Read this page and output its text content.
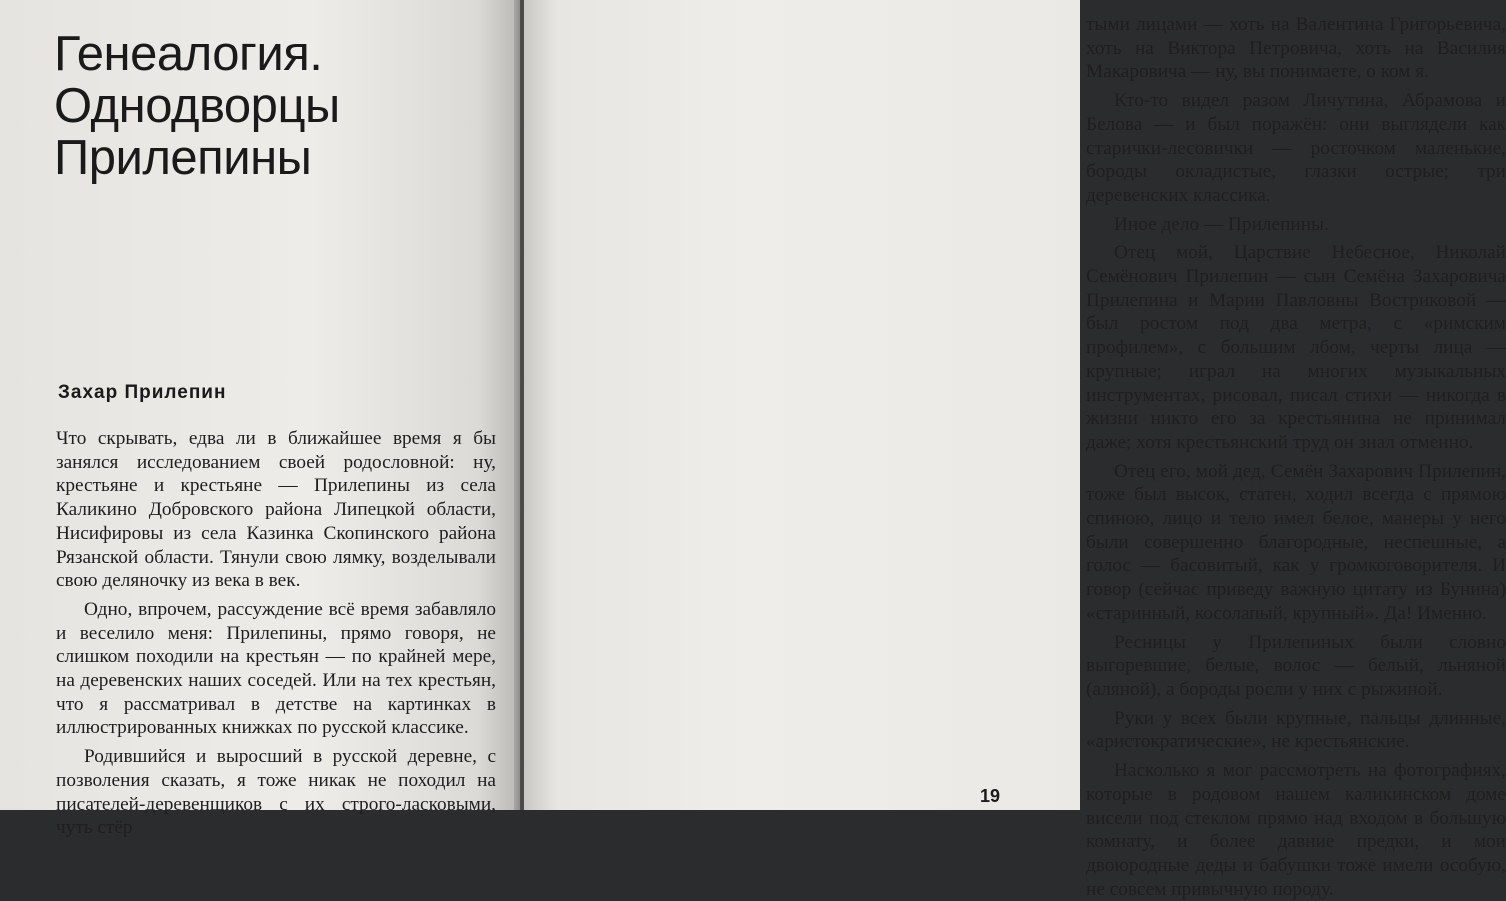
Генеалогия.
Однодворцы
Прилепины
Захар Прилепин

Что скрывать, едва ли в ближайшее время я бы занялся исследованием своей родословной: ну, крестьяне и крестьяне — Прилепины из села Каликино Добровского района Липецкой области, Нисифировы из села Казинка Скопинского района Рязанской области. Тянули свою лямку, возделывали свою деляночку из века в век.

Одно, впрочем, рассуждение всё время забавляло и веселило меня: Прилепины, прямо говоря, не слишком походили на крестьян — по крайней мере, на деревенских наших соседей. Или на тех крестьян, что я рассматривал в детстве на картинках в иллюстрированных книжках по русской классике.

Родившийся и выросший в русской деревне, с позволения сказать, я тоже никак не походил на писателей-деревенщиков с их строго-ласковыми, чуть стёр

тыми лицами — хоть на Валентина Григорьевича, хоть на Виктора Петровича, хоть на Василия Макаровича — ну, вы понимаете, о ком я.

Кто-то видел разом Личутина, Абрамова и Белова — и был поражён: они выглядели как старички-лесовички — росточком маленькие, бороды окладистые, глазки острые; три деревенских классика.

Иное дело — Прилепины.

Отец мой, Царствие Небесное, Николай Семёнович Прилепин — сын Семёна Захаровича Прилепина и Марии Павловны Востриковой — был ростом под два метра, с «римским профилем», с большим лбом, черты лица — крупные; играл на многих музыкальных инструментах, рисовал, писал стихи — никогда в жизни никто его за крестьянина не принимал даже; хотя крестьянский труд он знал отменно.

Отец его, мой дед, Семён Захарович Прилепин, тоже был высок, статен, ходил всегда с прямою спиною, лицо и тело имел белое, манеры у него были совершенно благородные, неспешные, а голос — басовитый, как у громкоговорителя. И говор (сейчас приведу важную цитату из Бунина) «старинный, косолапый, крупный». Да! Именно.

Ресницы у Прилепиных были словно выгоревшие, белые, волос — белый, льняной (аляной), а бороды росли у них с рыжиной.

Руки у всех были крупные, пальцы длинные, «аристократические», не крестьянские.

Насколько я мог рассмотреть на фотографиях, которые в родовом нашем каликинском доме висели под стеклом прямо над входом в большую комнату, и более давние предки, и мои двоюродные деды и бабушки тоже имели особую, не совсем привычную породу.

19
